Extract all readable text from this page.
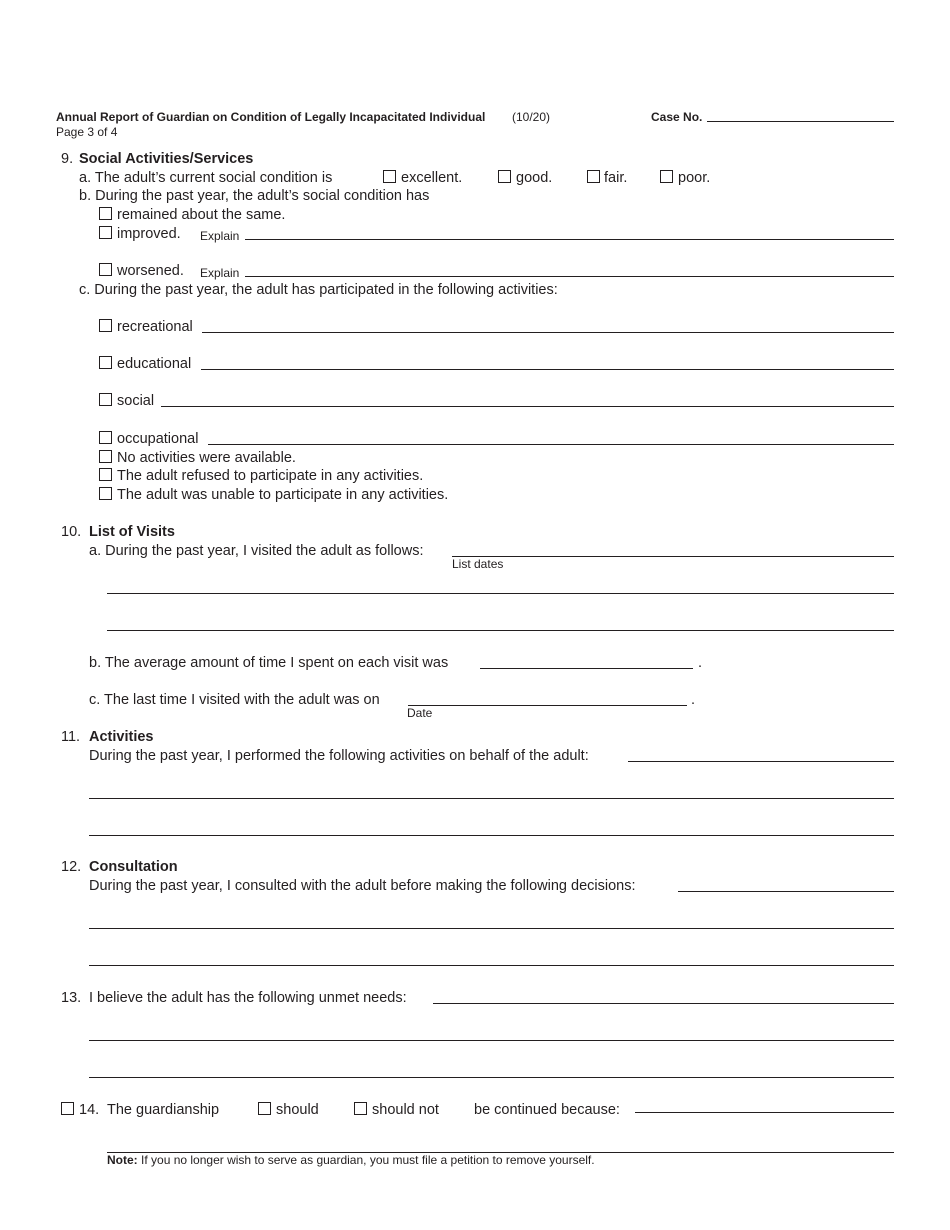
Annual Report of Guardian on Condition of Legally Incapacitated Individual (10/20)	Case No.
Page 3 of 4
9. Social Activities/Services
a. The adult’s current social condition is	excellent.	good.	fair.	poor.
b. During the past year, the adult’s social condition has
remained about the same.
improved. Explain
worsened. Explain
c. During the past year, the adult has participated in the following activities:
recreational
educational
social
occupational
No activities were available.
The adult refused to participate in any activities.
The adult was unable to participate in any activities.
10. List of Visits
a. During the past year, I visited the adult as follows:
List dates
b. The average amount of time I spent on each visit was	.
c. The last time I visited with the adult was on	.
Date
11. Activities
During the past year, I performed the following activities on behalf of the adult:
12. Consultation
During the past year, I consulted with the adult before making the following decisions:
13. I believe the adult has the following unmet needs:
14. The guardianship	should	should not be continued because:
Note: If you no longer wish to serve as guardian, you must file a petition to remove yourself.
